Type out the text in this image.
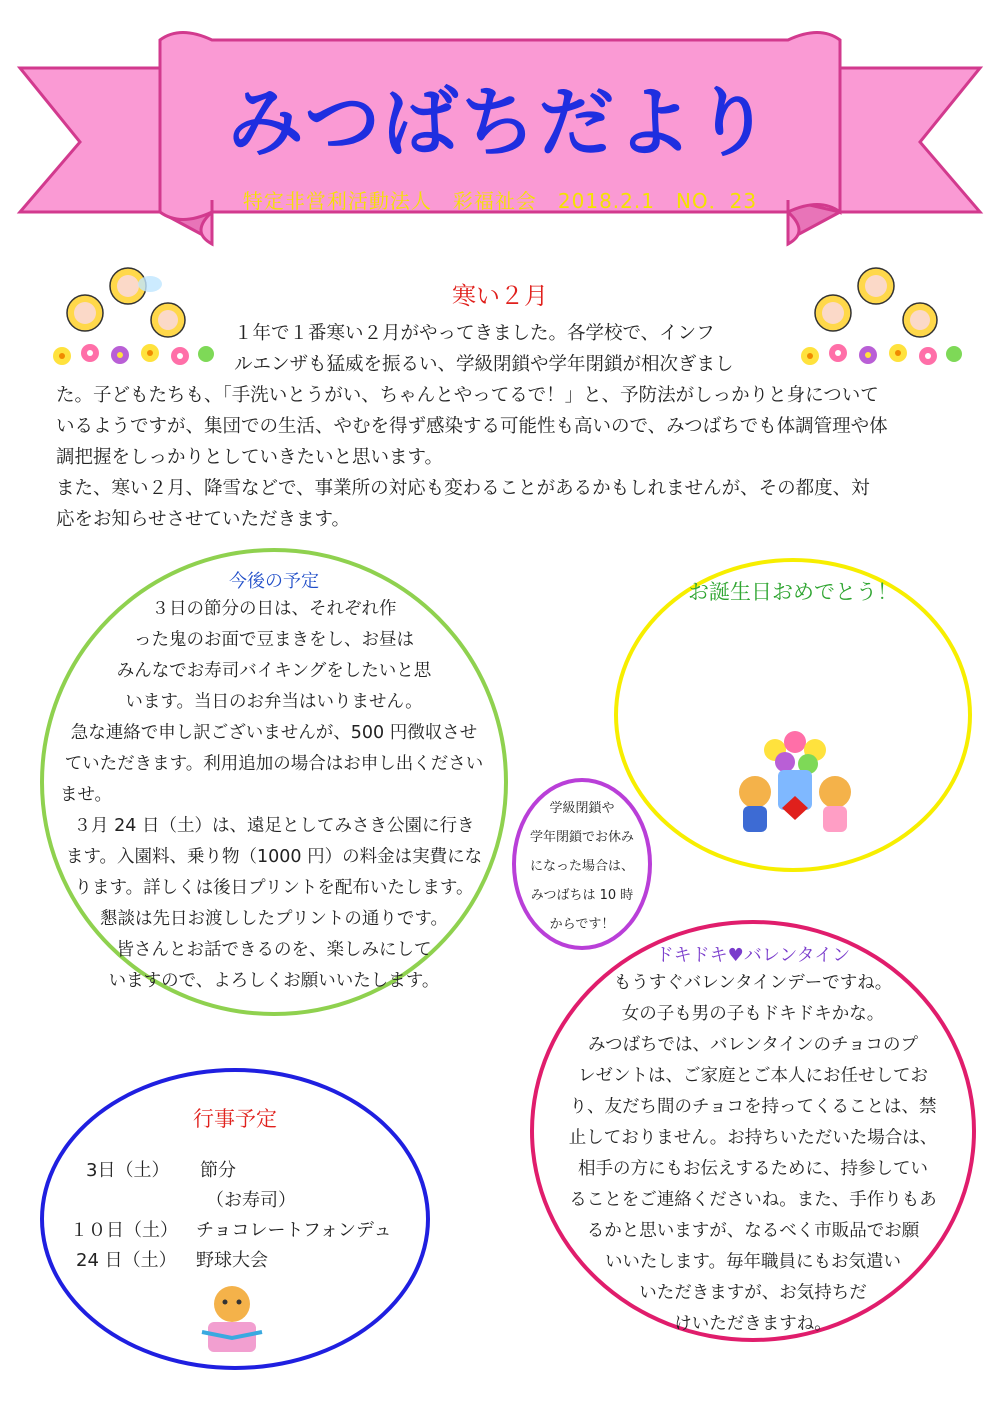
みつばちだより
特定非営利活動法人　彩福祉会　2018.2.1　NO．23
寒い２月
１年で１番寒い２月がやってきました。各学校で、インフ
ルエンザも猛威を振るい、学級閉鎖や学年閉鎖が相次ぎまし
た。子どもたちも、「手洗いとうがい、ちゃんとやってるで！」と、予防法がしっかりと身について
いるようですが、集団での生活、やむを得ず感染する可能性も高いので、みつばちでも体調管理や体
調把握をしっかりとしていきたいと思います。
また、寒い２月、降雪などで、事業所の対応も変わることがあるかもしれませんが、その都度、対
応をお知らせさせていただきます。
今後の予定
３日の節分の日は、それぞれ作
った鬼のお面で豆まきをし、お昼は
みんなでお寿司バイキングをしたいと思
います。当日のお弁当はいりません。
急な連絡で申し訳ございませんが、500 円徴収させ
ていただきます。利用追加の場合はお申し出ください
ませ。
３月 24 日（土）は、遠足としてみさき公園に行き
ます。入園料、乗り物（1000 円）の料金は実費にな
ります。詳しくは後日プリントを配布いたします。
懇談は先日お渡ししたプリントの通りです。
皆さんとお話できるのを、楽しみにして
いますので、よろしくお願いいたします。
お誕生日おめでとう！
学級閉鎖や
学年閉鎖でお休み
になった場合は、
みつばちは 10 時
からです！
行事予定
3日（土） 節分
（お寿司）
１０日（土） チョコレートフォンデュ
24 日（土） 野球大会
ドキドキ♥バレンタイン
もうすぐバレンタインデーですね。
女の子も男の子もドキドキかな。
みつばちでは、バレンタインのチョコのプ
レゼントは、ご家庭とご本人にお任せしてお
り、友だち間のチョコを持ってくることは、禁
止しておりません。お持ちいただいた場合は、
相手の方にもお伝えするために、持参してい
ることをご連絡くださいね。また、手作りもあ
るかと思いますが、なるべく市販品でお願
いいたします。毎年職員にもお気遣い
いただきますが、お気持ちだ
けいただきますね。
